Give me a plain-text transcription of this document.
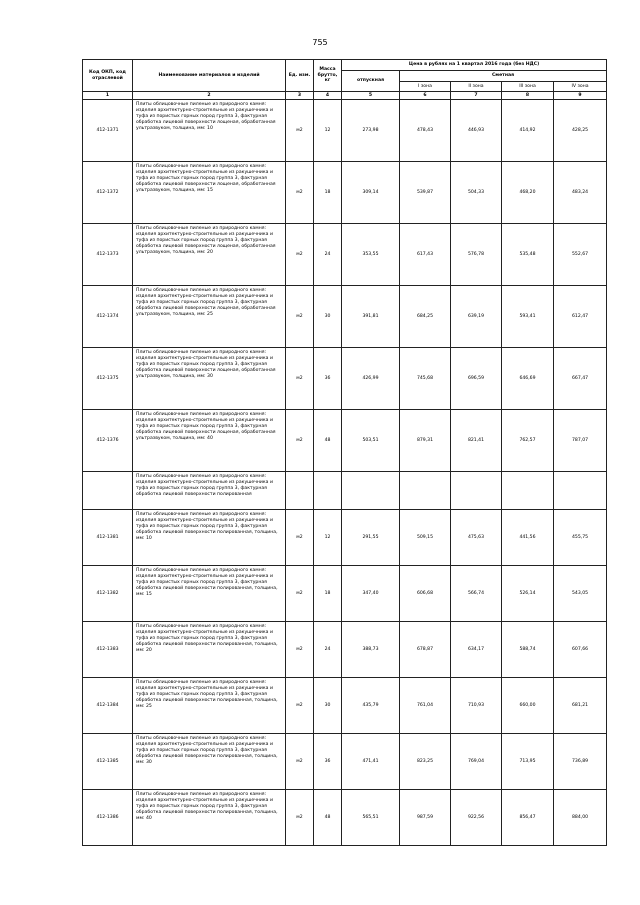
755
Код ОКП, код отраслевой	Наименование материалов и изделий	Ед. изм.	Масса брутто, кг	Цена в рублях на 1 квартал 2016 года (без НДС)				
				отпускная	Сметная			
					I зона	II зона	III зона	IV зона
1	2	3	4	5	6	7	8	9
412-1371	Плиты облицовочные пиленые из природного камня: изделия архитектурно-строительные из ракушечника и туфа из пористых горных пород группа 3, фактурная обработка лицевой поверхности лощеная, обработанная ультразвуком, толщина, мм: 10	м2	12	273,98	478,43	446,93	414,92	428,25
412-1372	Плиты облицовочные пиленые из природного камня: изделия архитектурно-строительные из ракушечника и туфа из пористых горных пород группа 3, фактурная обработка лицевой поверхности лощеная, обработанная ультразвуком, толщина, мм: 15	м2	18	309,14	539,87	504,33	468,20	483,24
412-1373	Плиты облицовочные пиленые из природного камня: изделия архитектурно-строительные из ракушечника и туфа из пористых горных пород группа 3, фактурная обработка лицевой поверхности лощеная, обработанная ультразвуком, толщина, мм: 20	м2	24	353,55	617,43	576,78	535,48	552,67
412-1374	Плиты облицовочные пиленые из природного камня: изделия архитектурно-строительные из ракушечника и туфа из пористых горных пород группа 3, фактурная обработка лицевой поверхности лощеная, обработанная ультразвуком, толщина, мм: 25	м2	30	391,81	684,25	639,19	593,41	612,47
412-1375	Плиты облицовочные пиленые из природного камня: изделия архитектурно-строительные из ракушечника и туфа из пористых горных пород группа 3, фактурная обработка лицевой поверхности лощеная, обработанная ультразвуком, толщина, мм: 30	м2	36	426,99	745,68	696,59	646,69	667,47
412-1376	Плиты облицовочные пиленые из природного камня: изделия архитектурно-строительные из ракушечника и туфа из пористых горных пород группа 3, фактурная обработка лицевой поверхности лощеная, обработанная ультразвуком, толщина, мм: 40	м2	48	503,51	879,31	821,41	762,57	787,07
	Плиты облицовочные пиленые из природного камня: изделия архитектурно-строительные из ракушечника и туфа из пористых горных пород группа 3, фактурная обработка лицевой поверхности полированная							
412-1381	Плиты облицовочные пиленые из природного камня: изделия архитектурно-строительные из ракушечника и туфа из пористых горных пород группа 3, фактурная обработка лицевой поверхности полированная, толщина, мм: 10	м2	12	291,55	509,15	475,63	441,56	455,75
412-1382	Плиты облицовочные пиленые из природного камня: изделия архитектурно-строительные из ракушечника и туфа из пористых горных пород группа 3, фактурная обработка лицевой поверхности полированная, толщина, мм: 15	м2	18	347,40	606,68	566,74	526,14	543,05
412-1383	Плиты облицовочные пиленые из природного камня: изделия архитектурно-строительные из ракушечника и туфа из пористых горных пород группа 3, фактурная обработка лицевой поверхности полированная, толщина, мм: 20	м2	24	388,73	678,87	634,17	588,74	607,66
412-1384	Плиты облицовочные пиленые из природного камня: изделия архитектурно-строительные из ракушечника и туфа из пористых горных пород группа 3, фактурная обработка лицевой поверхности полированная, толщина, мм: 25	м2	30	435,79	761,04	710,93	660,00	681,21
412-1385	Плиты облицовочные пиленые из природного камня: изделия архитектурно-строительные из ракушечника и туфа из пористых горных пород группа 3, фактурная обработка лицевой поверхности полированная, толщина, мм: 30	м2	36	471,41	823,25	769,04	713,95	736,89
412-1386	Плиты облицовочные пиленые из природного камня: изделия архитектурно-строительные из ракушечника и туфа из пористых горных пород группа 3, фактурная обработка лицевой поверхности полированная, толщина, мм: 40	м2	48	565,51	987,59	922,56	856,47	884,00
